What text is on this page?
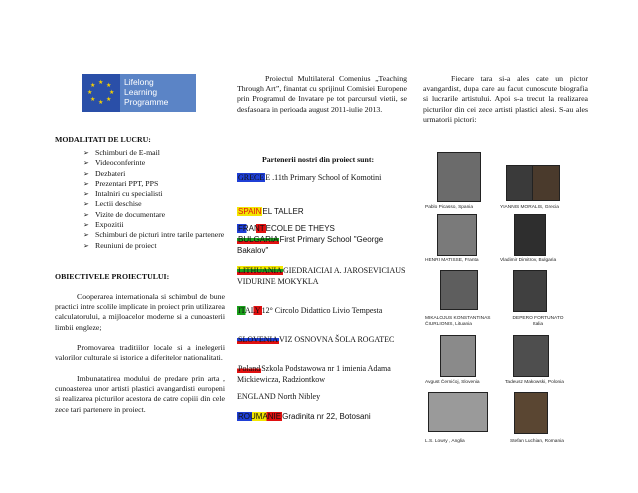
★ ★
★
★
★
★
★
★	Lifelong
Learning
Programme
MODALITATI DE LUCRU:
➢ Schimburi de E-mail
➢ Videoconferinte
➢ Dezbateri
➢ Prezentari PPT, PPS
➢ Intalniri cu specialisti
➢ Lectii deschise
➢ Vizite de documentare
➢ Expozitii
➢ Schimburi de picturi intre tarile partenere
➢ Reuniuni de proiect
OBIECTIVELE PROIECTULUI:
Cooperarea internationala si schimbul de bune practici intre scolile implicate in proiect prin utilizarea calculatorului, a mijloacelor moderne si a cunoasterii limbii engleze;
Promovarea traditiilor locale si a inelegerii valorilor culturale si istorice a diferitelor nationalitati.
Imbunatatirea modului de predare prin arta , cunoasterea unor artisti plastici avangardisti europeni si realizarea picturilor acestora de catre copiii din cele zece tari partenere in proiect.
Proiectul Multilateral Comenius „Teaching Through Art”, finantat cu sprijinul Comisiei Europene prin Programul de Invatare pe tot parcursul vietii, se desfasoara in perioada august 2011-iulie 2013.
Partenerii nostri din proiect sunt:
GRECEE .11th Primary School of Komotini
SPAINEL TALLER
FRANTECOLE DE THEYS
BULGARIAFirst Primary School "George Bakalov"
LITHUANIAGIEDRAICIAI A. JAROSEVICIAUS VIDURINE MOKYKLA
ITALY12° Circolo Didattico Livio Tempesta
SLOVENIAVIZ OSNOVNA ŠOLA ROGATEC
PolandSzkola Podstawowa nr 1 imienia Adama Mickiewicza, Radziontkow
ENGLAND North Nibley
ROUMANIEGradinita nr 22, Botosani
Fiecare tara si-a ales cate un pictor avangardist, dupa care au facut cunoscute biografia si lucrarile artistului. Apoi s-a trecut la realizarea picturilor din cei zece artisti plastici alesi. S-au ales urmatorii pictori:
Pablo Picasso, Spania	YIANNIS MORALIS, Grecia
HENRI MATISSE, Franta	Vladimir Dimitrov, Bulgaria
MIKALOJUS KONSTANTINAS ČIURLIONIS, Lituania
DEPERO FORTUNATO Italia
Avgust Černićoj, Slovenia	Tadeusz Makowski, Polonia
L.S. Lowry , Anglia	Stefan Luchian, Romania
